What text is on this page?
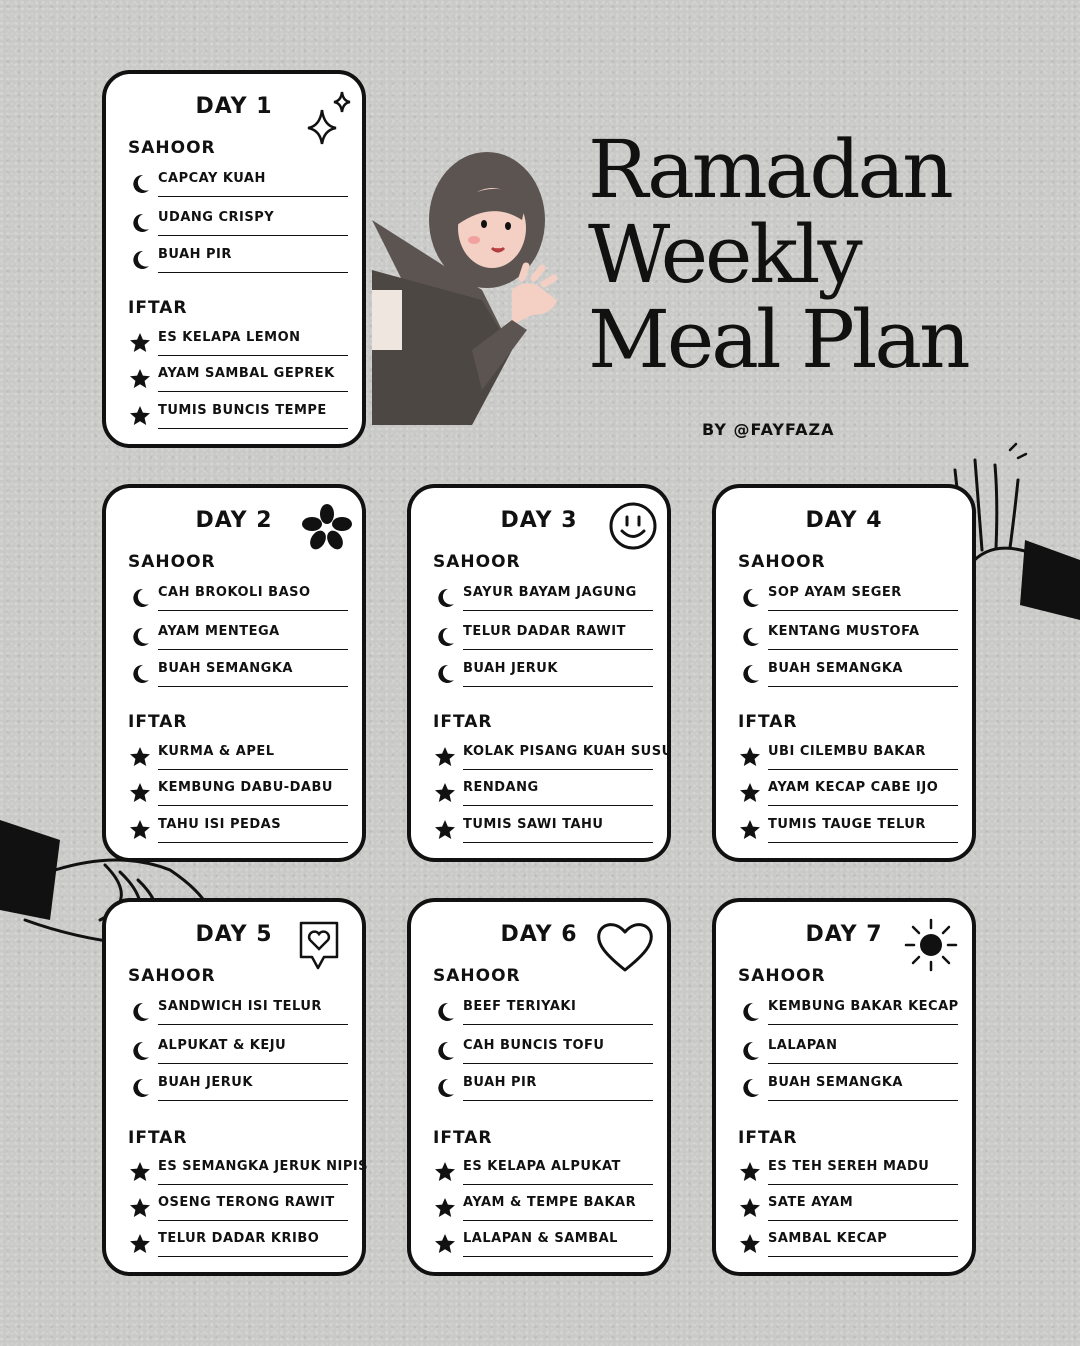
Ramadan
Weekly
Meal Plan
BY @FAYFAZA
DAY 1
SAHOOR
CAPCAY KUAH
UDANG CRISPY
BUAH PIR
IFTAR
ES KELAPA LEMON
AYAM SAMBAL GEPREK
TUMIS BUNCIS TEMPE
DAY 2
SAHOOR
CAH BROKOLI BASO
AYAM MENTEGA
BUAH SEMANGKA
IFTAR
KURMA & APEL
KEMBUNG DABU-DABU
TAHU ISI PEDAS
DAY 3
SAHOOR
SAYUR BAYAM JAGUNG
TELUR DADAR RAWIT
BUAH JERUK
IFTAR
KOLAK PISANG KUAH SUSU
RENDANG
TUMIS SAWI TAHU
DAY 4
SAHOOR
SOP AYAM SEGER
KENTANG MUSTOFA
BUAH SEMANGKA
IFTAR
UBI CILEMBU BAKAR
AYAM KECAP CABE IJO
TUMIS TAUGE TELUR
DAY 5
SAHOOR
SANDWICH ISI TELUR
ALPUKAT & KEJU
BUAH JERUK
IFTAR
ES SEMANGKA JERUK NIPIS
OSENG TERONG RAWIT
TELUR DADAR KRIBO
DAY 6
SAHOOR
BEEF TERIYAKI
CAH BUNCIS TOFU
BUAH PIR
IFTAR
ES KELAPA ALPUKAT
AYAM & TEMPE BAKAR
LALAPAN & SAMBAL
DAY 7
SAHOOR
KEMBUNG BAKAR KECAP
LALAPAN
BUAH SEMANGKA
IFTAR
ES TEH SEREH MADU
SATE AYAM
SAMBAL KECAP
